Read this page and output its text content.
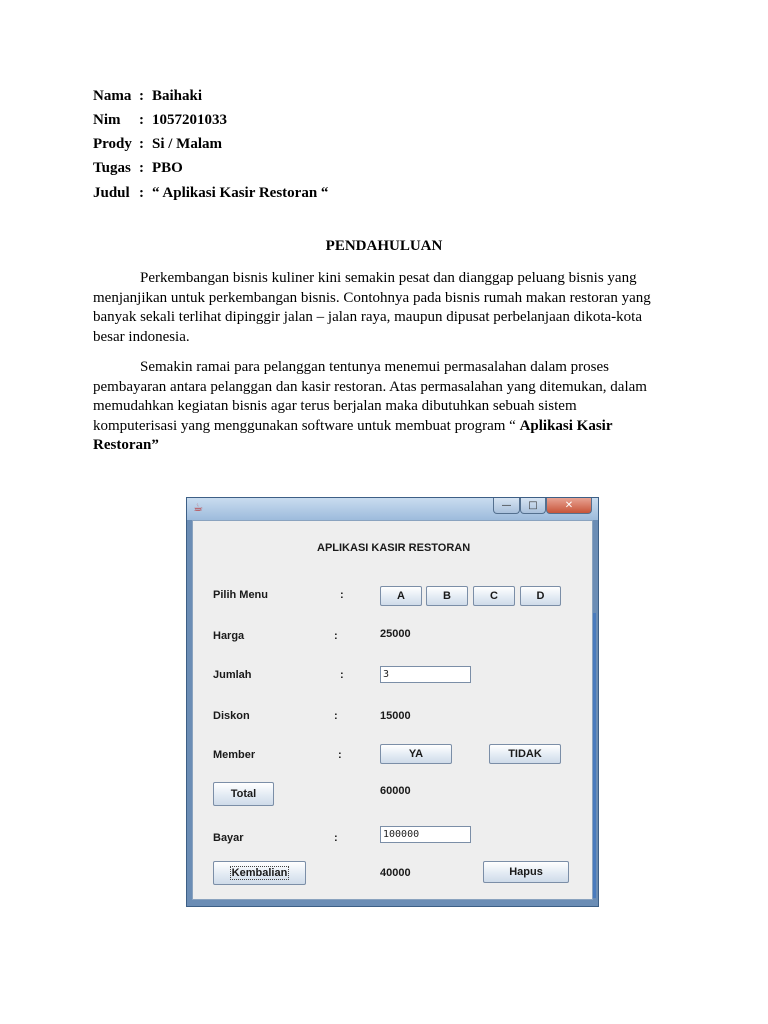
Nama : Baihaki
Nim : 1057201033
Prody : Si / Malam
Tugas : PBO
Judul : “ Aplikasi Kasir Restoran “
PENDAHULUAN
Perkembangan bisnis kuliner kini semakin pesat dan dianggap peluang bisnis yang
menjanjikan untuk perkembangan bisnis. Contohnya pada bisnis rumah makan restoran yang
banyak sekali terlihat dipinggir jalan – jalan raya, maupun dipusat perbelanjaan dikota-kota
besar indonesia.
Semakin ramai para pelanggan tentunya menemui permasalahan dalam proses
pembayaran antara pelanggan dan kasir restoran. Atas permasalahan yang ditemukan, dalam
memudahkan kegiatan bisnis agar terus berjalan maka dibutuhkan sebuah sistem
komputerisasi yang menggunakan software untuk membuat program “ Aplikasi Kasir
Restoran”
☕	—	□	✕
APLIKASI KASIR RESTORAN
Pilih Menu	:	A	B	C	D
Harga	:	25000
Jumlah	:	3
Diskon	:	15000
Member	:	YA	TIDAK
Total	60000
Bayar	:	100000
Kembalian	40000	Hapus
